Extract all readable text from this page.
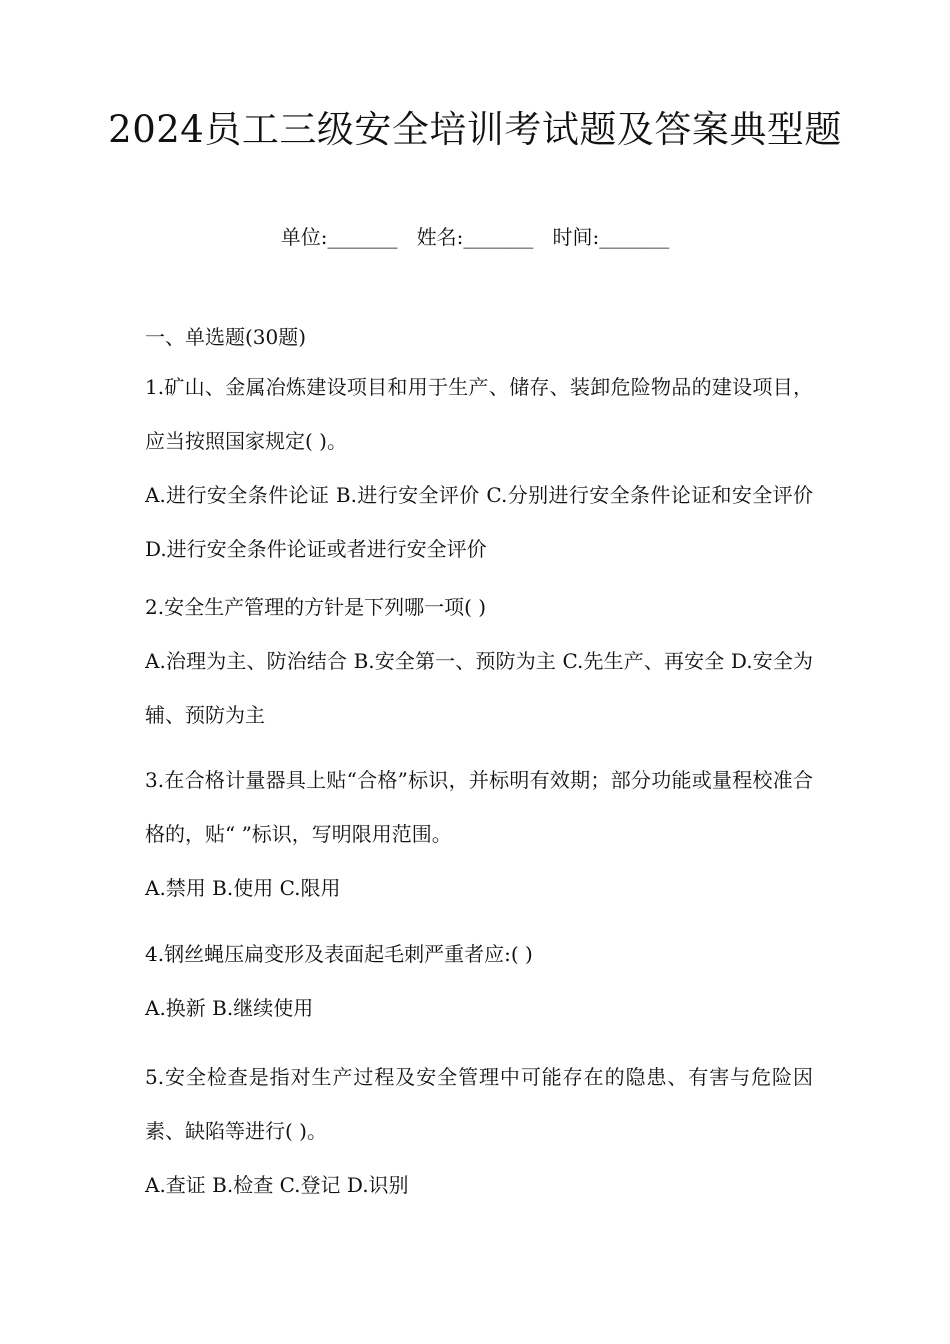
2024员工三级安全培训考试题及答案典型题
单位:_______ 姓名:_______ 时间:_______
一、单选题(30题)

1.矿山、金属冶炼建设项目和用于生产、储存、装卸危险物品的建设项目，应当按照国家规定( )。

A.进行安全条件论证 B.进行安全评价 C.分别进行安全条件论证和安全评价 D.进行安全条件论证或者进行安全评价

2.安全生产管理的方针是下列哪一项( )

A.治理为主、防治结合 B.安全第一、预防为主 C.先生产、再安全 D.安全为辅、预防为主

3.在合格计量器具上贴“合格”标识，并标明有效期；部分功能或量程校准合格的，贴“ ”标识，写明限用范围。

A.禁用 B.使用 C.限用

4.钢丝蝇压扁变形及表面起毛刺严重者应:( )

A.换新 B.继续使用

5.安全检查是指对生产过程及安全管理中可能存在的隐患、有害与危险因素、缺陷等进行( )。

A.查证 B.检查 C.登记 D.识别
